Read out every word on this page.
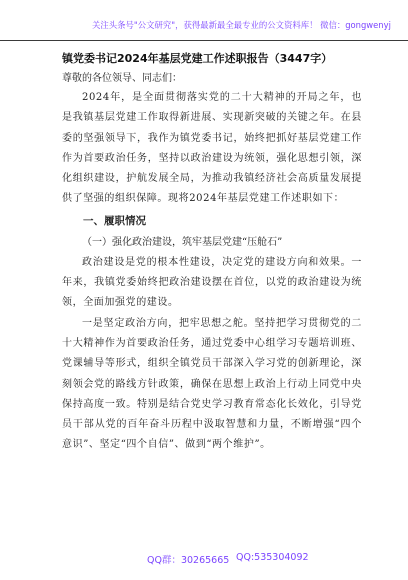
关注头条号"公文研究"，获得最新最全最专业的公文资料库！ 微信：gongwenyj
镇党委书记2024年基层党建工作述职报告（3447字）
尊敬的各位领导、同志们：

2024年，是全面贯彻落实党的二十大精神的开局之年，也是我镇基层党建工作取得新进展、实现新突破的关键之年。在县委的坚强领导下，我作为镇党委书记，始终把抓好基层党建工作作为首要政治任务，坚持以政治建设为统领，强化思想引领，深化组织建设，护航发展全局，为推动我镇经济社会高质量发展提供了坚强的组织保障。现将2024年基层党建工作述职如下：

一、履职情况
（一）强化政治建设，筑牢基层党建“压舱石”

政治建设是党的根本性建设，决定党的建设方向和效果。一年来，我镇党委始终把政治建设摆在首位，以党的政治建设为统领，全面加强党的建设。

一是坚定政治方向，把牢思想之舵。坚持把学习贯彻党的二十大精神作为首要政治任务，通过党委中心组学习专题培训班、党课辅导等形式，组织全镇党员干部深入学习党的创新理论，深刻领会党的路线方针政策，确保在思想上政治上行动上同党中央保持高度一致。特别是结合党史学习教育常态化长效化，引导党员干部从党的百年奋斗历程中汲取智慧和力量，不断增强“四个意识”、坚定“四个自信”、做到“两个维护”。

QQ群：30265665 QQ:535304092
